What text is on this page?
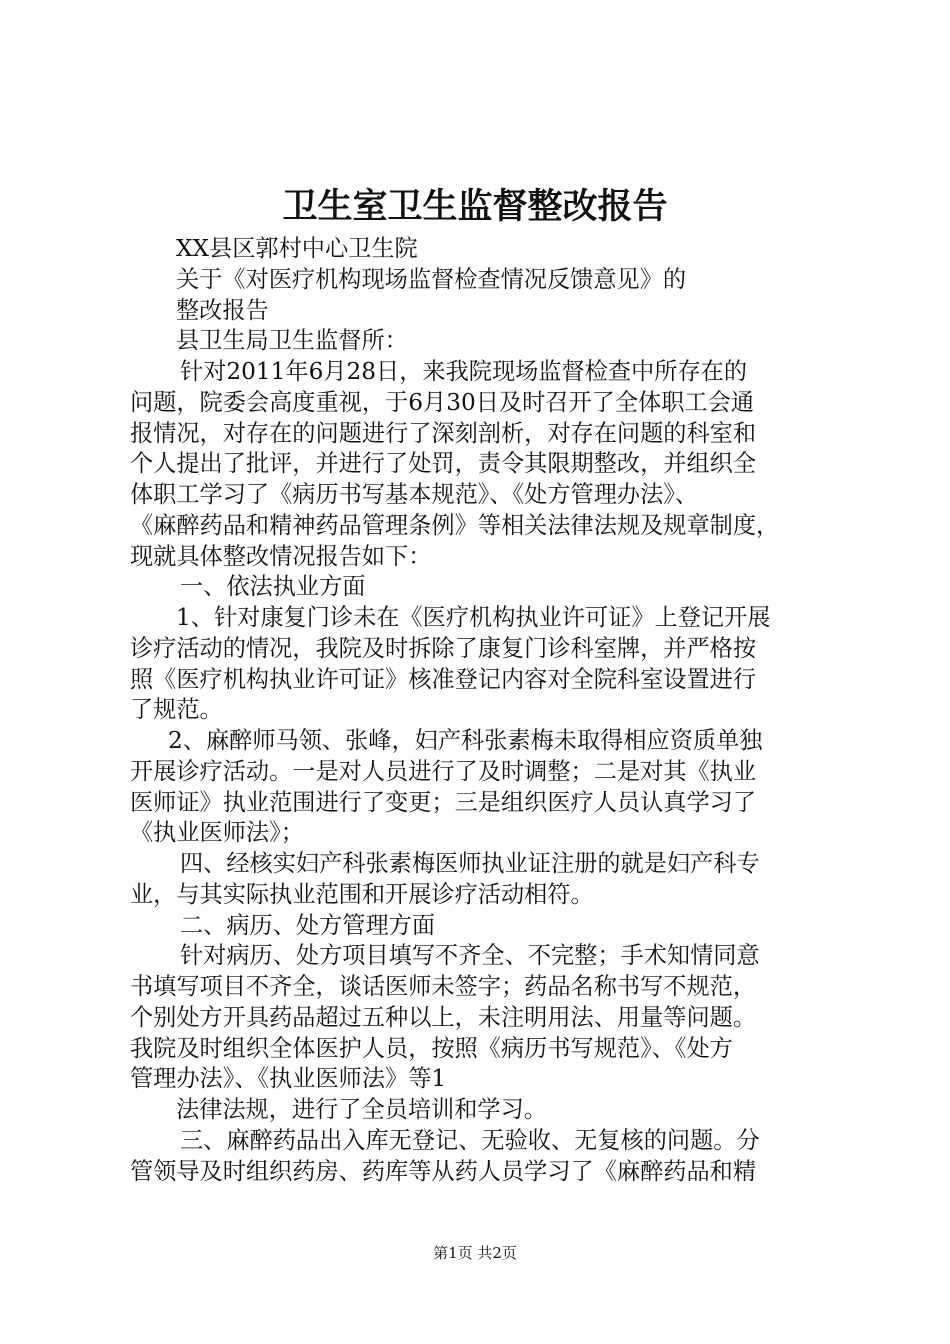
卫生室卫生监督整改报告
XX县区郭村中心卫生院
关于《对医疗机构现场监督检查情况反馈意见》的
整改报告
县卫生局卫生监督所：
针对2011年6月28日，来我院现场监督检查中所存在的
问题，院委会高度重视，于6月30日及时召开了全体职工会通
报情况，对存在的问题进行了深刻剖析，对存在问题的科室和
个人提出了批评，并进行了处罚，责令其限期整改，并组织全
体职工学习了《病历书写基本规范》、《处方管理办法》、
《麻醉药品和精神药品管理条例》等相关法律法规及规章制度，
现就具体整改情况报告如下：
一、依法执业方面
1、针对康复门诊未在《医疗机构执业许可证》上登记开展
诊疗活动的情况，我院及时拆除了康复门诊科室牌，并严格按
照《医疗机构执业许可证》核准登记内容对全院科室设置进行
了规范。
2、麻醉师马领、张峰，妇产科张素梅未取得相应资质单独
开展诊疗活动。一是对人员进行了及时调整；二是对其《执业
医师证》执业范围进行了变更；三是组织医疗人员认真学习了
《执业医师法》；
四、经核实妇产科张素梅医师执业证注册的就是妇产科专
业，与其实际执业范围和开展诊疗活动相符。
二、病历、处方管理方面
针对病历、处方项目填写不齐全、不完整；手术知情同意
书填写项目不齐全，谈话医师未签字；药品名称书写不规范，
个别处方开具药品超过五种以上，未注明用法、用量等问题。
我院及时组织全体医护人员，按照《病历书写规范》、《处方
管理办法》、《执业医师法》等1
法律法规，进行了全员培训和学习。
三、麻醉药品出入库无登记、无验收、无复核的问题。分
管领导及时组织药房、药库等从药人员学习了《麻醉药品和精
第1页 共2页
